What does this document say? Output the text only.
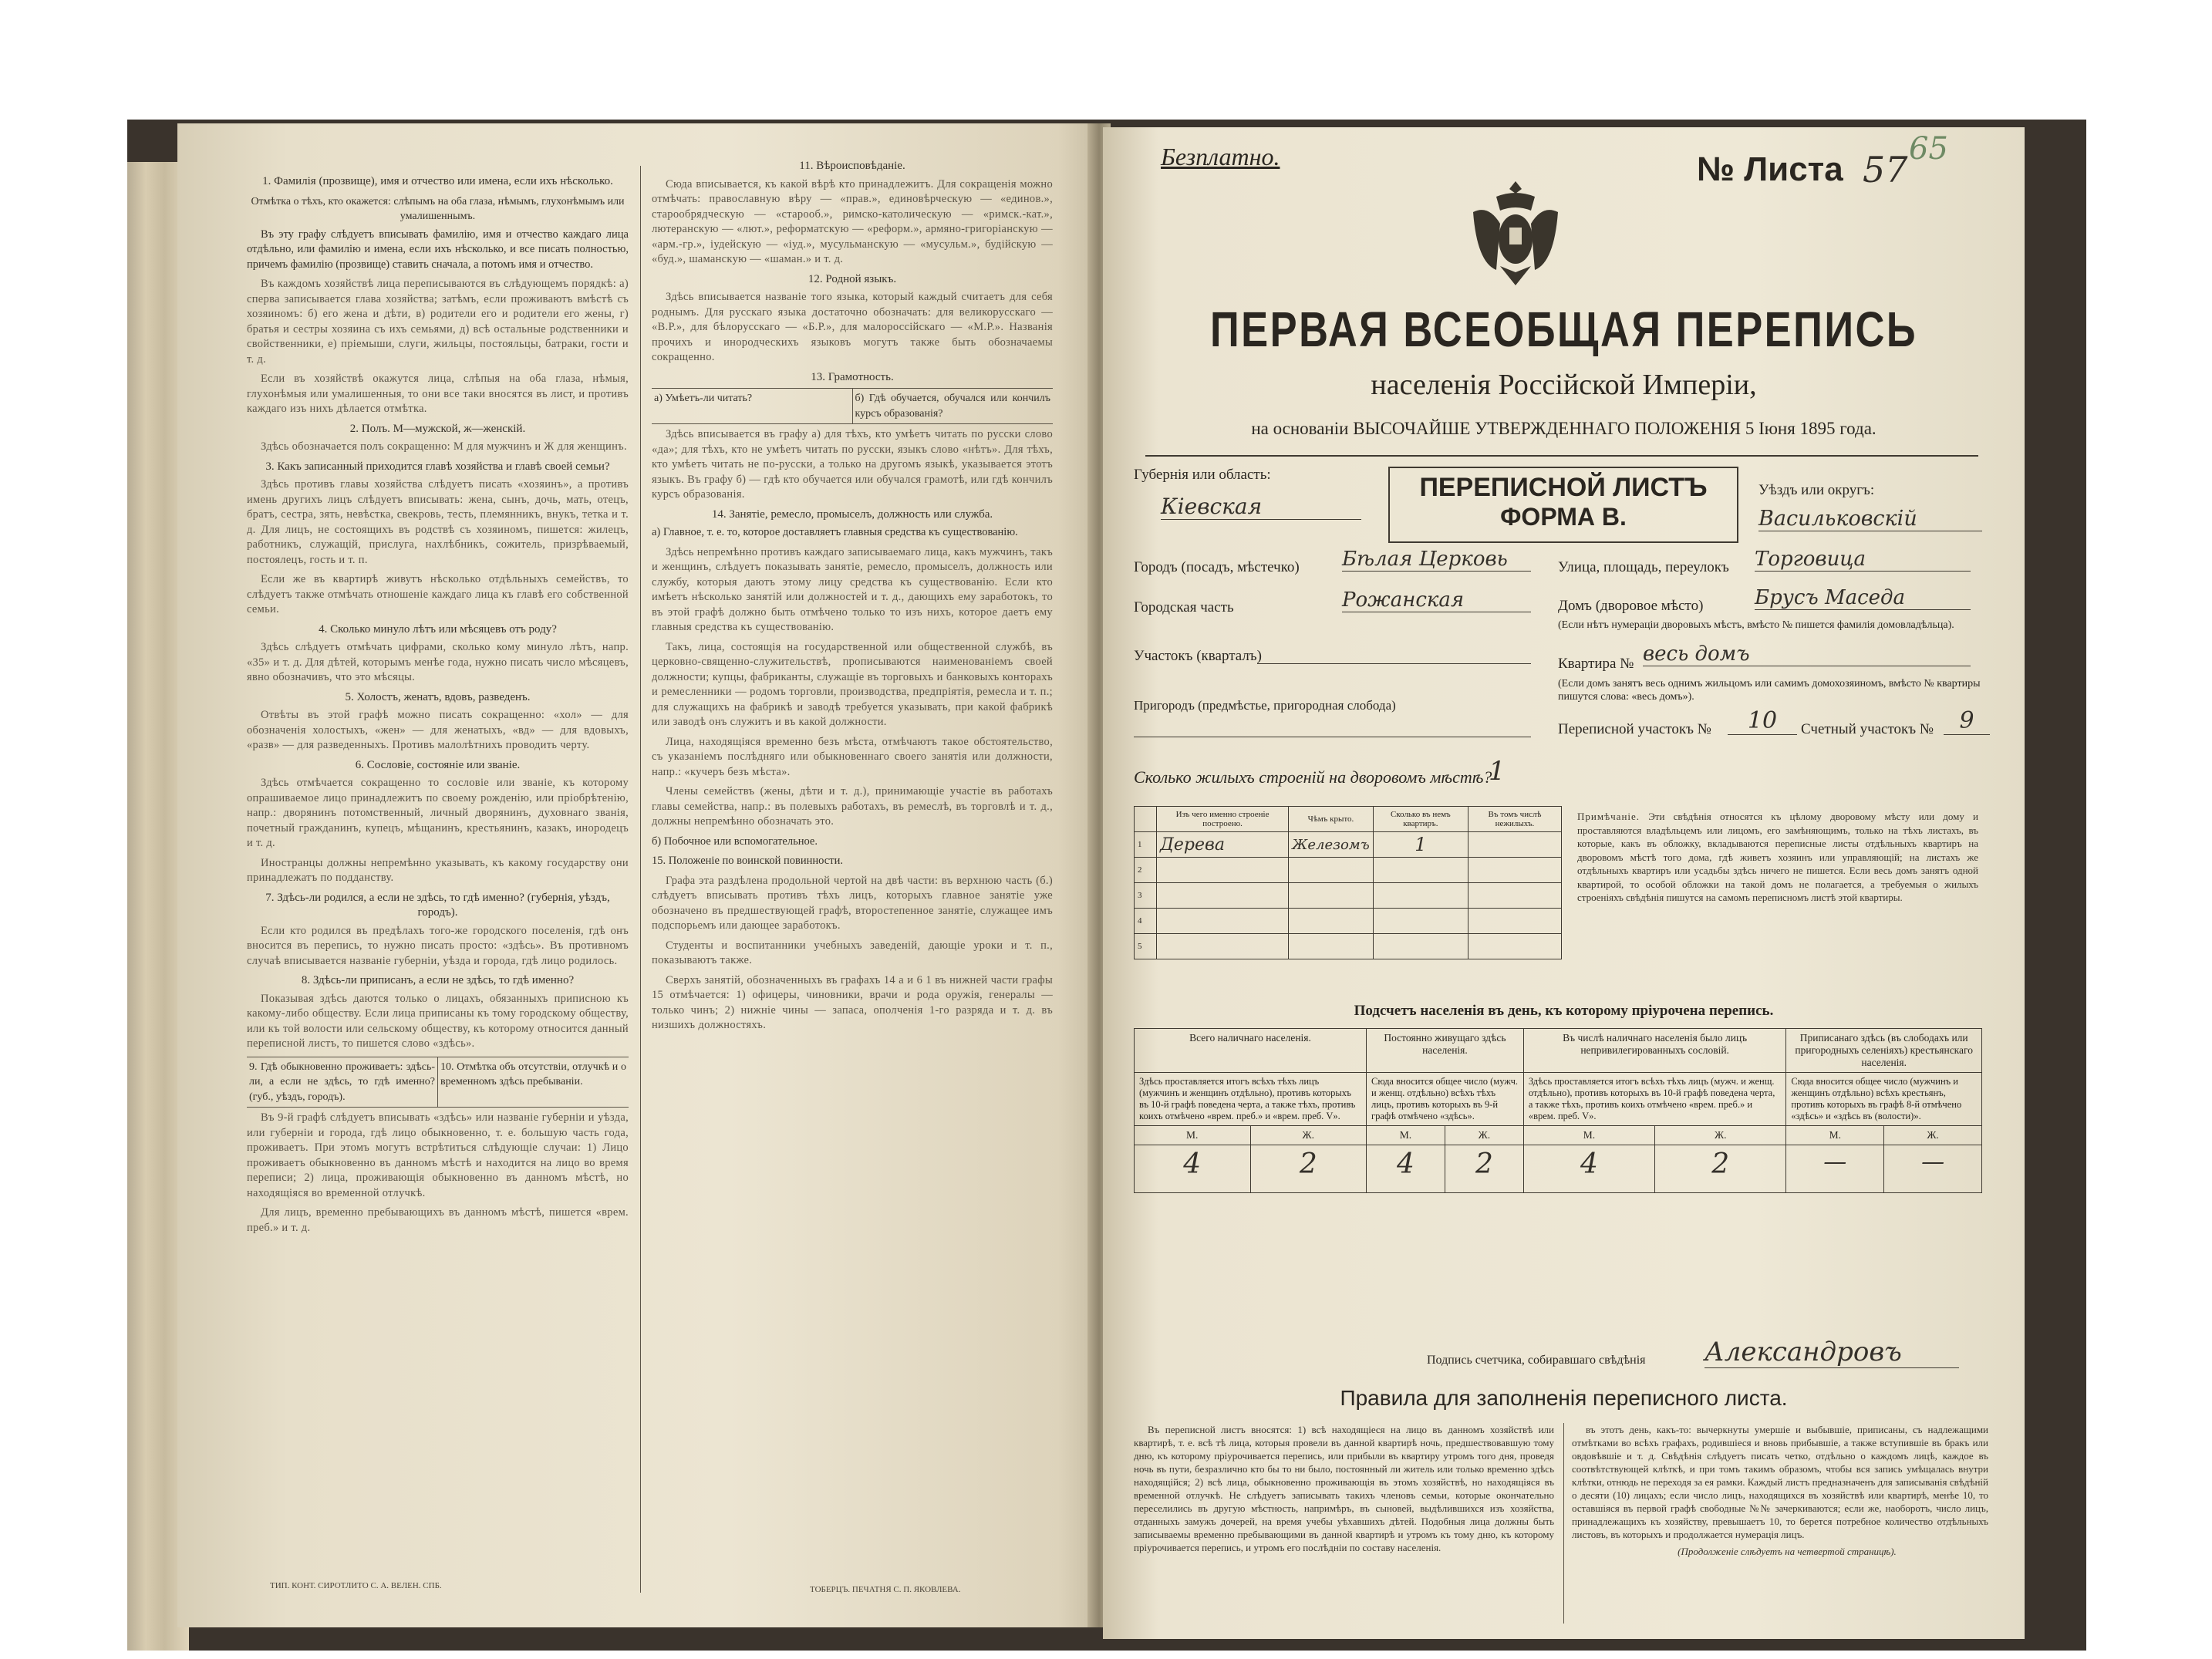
1. Фамилія (прозвище), имя и отчество или имена, если ихъ нѣсколько.
Отмѣтка о тѣхъ, кто окажется: слѣпымъ на оба глаза, нѣмымъ, глухонѣмымъ или умалишеннымъ.

Въ эту графу слѣдуетъ вписывать фамилію, имя и отчество каждаго лица отдѣльно, или фамилію и имена, если ихъ нѣсколько, и все писать полностью, причемъ фамилію (прозвище) ставить сначала, а потомъ имя и отчество.

Въ каждомъ хозяйствѣ лица переписываются въ слѣдующемъ порядкѣ: а) сперва записывается глава хозяйства; затѣмъ, если проживаютъ вмѣстѣ съ хозяиномъ: б) его жена и дѣти, в) родители его и родители его жены, г) братья и сестры хозяина съ ихъ семьями, д) всѣ остальные родственники и свойственники, е) пріемыши, слуги, жильцы, постояльцы, батраки, гости и т. д.

Если въ хозяйствѣ окажутся лица, слѣпыя на оба глаза, нѣмыя, глухонѣмыя или умалишенныя, то они все таки вносятся въ лист, и противъ каждаго изъ нихъ дѣлается отмѣтка.

2. Полъ. М—мужской, ж—женскій.

Здѣсь обозначается полъ сокращенно: М для мужчинъ и Ж для женщинъ.

3. Какъ записанный приходится главѣ хозяйства и главѣ своей семьи?

Здѣсь противъ главы хозяйства слѣдуетъ писать «хозяинъ», а противъ имень другихъ лицъ слѣдуетъ вписывать: жена, сынъ, дочь, мать, отецъ, братъ, сестра, зять, невѣстка, свекровь, тесть, племянникъ, внукъ, тетка и т. д. Для лицъ, не состоящихъ въ родствѣ съ хозяиномъ, пишется: жилецъ, работникъ, служащій, прислуга, нахлѣбникъ, сожитель, призрѣваемый, постоялецъ, гость и т. п.

Если же въ квартирѣ живутъ нѣсколько отдѣльныхъ семействъ, то слѣдуетъ также отмѣчать отношеніе каждаго лица къ главѣ его собственной семьи.

4. Сколько минуло лѣтъ или мѣсяцевъ отъ роду?

Здѣсь слѣдуетъ отмѣчать цифрами, сколько кому минуло лѣтъ, напр. «35» и т. д. Для дѣтей, которымъ менѣе года, нужно писать число мѣсяцевъ, явно обозначивъ, что это мѣсяцы.

5. Холостъ, женатъ, вдовъ, разведенъ.

Отвѣты въ этой графѣ можно писать сокращенно: «хол» — для обозначенія холостыхъ, «жен» — для женатыхъ, «вд» — для вдовыхъ, «разв» — для разведенныхъ. Противъ малолѣтнихъ проводить черту.

6. Сословіе, состояніе или званіе.

Здѣсь отмѣчается сокращенно то сословіе или званіе, къ которому опрашиваемое лицо принадлежитъ по своему рожденію, или пріобрѣтенію, напр.: дворянинъ потомственный, личный дворянинъ, духовнаго званія, почетный гражданинъ, купецъ, мѣщанинъ, крестьянинъ, казакъ, инородецъ и т. д.

Иностранцы должны непремѣнно указывать, къ какому государству они принадлежатъ по подданству.

7. Здѣсь-ли родился, а если не здѣсь, то гдѣ именно? (губернія, уѣздъ, городъ).

Если кто родился въ предѣлахъ того-же городского поселенія, гдѣ онъ вносится въ перепись, то нужно писать просто: «здѣсь». Въ противномъ случаѣ вписывается названіе губерніи, уѣзда и города, гдѣ лицо родилось.

8. Здѣсь-ли приписанъ, а если не здѣсь, то гдѣ именно?

Показывая здѣсь даются только о лицахъ, обязанныхъ приписною къ какому-либо обществу. Если лица приписаны къ тому городскому обществу, или къ той волости или сельскому обществу, къ которому относится данный переписной листъ, то пишется слово «здѣсь».

9. Гдѣ обыкновенно проживаетъ: здѣсь-ли, а если не здѣсь, то гдѣ именно? (губ., уѣздъ, городъ).
10. Отмѣтка объ отсутствіи, отлучкѣ и о временномъ здѣсь пребываніи.

Въ 9-й графѣ слѣдуетъ вписывать «здѣсь» или названіе губерніи и уѣзда, или губерніи и города, гдѣ лицо обыкновенно, т. е. большую часть года, проживаетъ. При этомъ могутъ встрѣтиться слѣдующіе случаи: 1) Лицо проживаетъ обыкновенно въ данномъ мѣстѣ и находится на лицо во время переписи; 2) лица, проживающія обыкновенно въ данномъ мѣстѣ, но находящіяся во временной отлучкѣ.

Для лицъ, временно пребывающихъ въ данномъ мѣстѣ, пишется «врем. преб.» и т. д.

ТИП. КОНТ. СИРОТЛИТО С. А. ВЕЛЕН. СПБ.
11. Вѣроисповѣданіе.

Сюда вписывается, къ какой вѣрѣ кто принадлежитъ. Для сокращенія можно отмѣчать: православную вѣру — «прав.», единовѣрческую — «единов.», старообрядческую — «старооб.», римско-католическую — «римск.-кат.», лютеранскую — «лют.», реформатскую — «реформ.», армяно-григоріанскую — «арм.-гр.», іудейскую — «іуд.», мусульманскую — «мусульм.», будійскую — «буд.», шаманскую — «шаман.» и т. д.

12. Родной языкъ.

Здѣсь вписывается названіе того языка, который каждый считаетъ для себя роднымъ. Для русскаго языка достаточно обозначать: для великорусскаго — «В.Р.», для бѣлорусскаго — «Б.Р.», для малороссійскаго — «М.Р.». Названія прочихъ и инородческихъ языковъ могутъ также быть обозначаемы сокращенно.

13. Грамотность.
а) Умѣетъ-ли читать?	б) Гдѣ обучается, обучался или кончилъ курсъ образованія?

Здѣсь вписывается въ графу а) для тѣхъ, кто умѣетъ читать по русски слово «да»; для тѣхъ, кто не умѣетъ читать по русски, языкъ слово «нѣтъ». Для тѣхъ, кто умѣетъ читать не по-русски, а только на другомъ языкѣ, указывается этотъ языкъ. Въ графу б) — гдѣ кто обучается или обучался грамотѣ, или гдѣ кончилъ курсъ образованія.

14. Занятіе, ремесло, промыселъ, должность или служба.

а) Главное, т. е. то, которое доставляетъ главныя средства къ существованію.

Здѣсь непремѣнно противъ каждаго записываемаго лица, какъ мужчинъ, такъ и женщинъ, слѣдуетъ показывать занятіе, ремесло, промыселъ, должность или службу, которыя даютъ этому лицу средства къ существованію. Если кто имѣетъ нѣсколько занятій или должностей и т. д., дающихъ ему заработокъ, то въ этой графѣ должно быть отмѣчено только то изъ нихъ, которое даетъ ему главныя средства къ существованію.

Такъ, лица, состоящія на государственной или общественной службѣ, въ церковно-священно-служительствѣ, прописываются наименованіемъ своей должности; купцы, фабриканты, служащіе въ торговыхъ и банковыхъ конторахъ и ремесленники — родомъ торговли, производства, предпріятія, ремесла и т. п.; для служащихъ на фабрикѣ и заводѣ требуется указывать, при какой фабрикѣ или заводѣ онъ служитъ и въ какой должности.

Лица, находящіяся временно безъ мѣста, отмѣчаютъ такое обстоятельство, съ указаніемъ послѣдняго или обыкновеннаго своего занятія или должности, напр.: «кучеръ безъ мѣста».

Члены семействъ (жены, дѣти и т. д.), принимающіе участіе въ работахъ главы семейства, напр.: въ полевыхъ работахъ, въ ремеслѣ, въ торговлѣ и т. д., должны непремѣнно обозначать это.

б) Побочное или вспомогательное.

15. Положеніе по воинской повинности.

Графа эта раздѣлена продольной чертой на двѣ части: въ верхнюю часть (б.) слѣдуетъ вписывать противъ тѣхъ лицъ, которыхъ главное занятіе уже обозначено въ предшествующей графѣ, второстепенное занятіе, служащее имъ подспорьемъ или дающее заработокъ.

Студенты и воспитанники учебныхъ заведеній, дающіе уроки и т. п., показываютъ также.

Сверхъ занятій, обозначенныхъ въ графахъ 14 а и 6 1 въ нижней части графы 15 отмѣчается: 1) офицеры, чиновники, врачи и рода оружія, генералы — только чинъ; 2) нижніе чины — запаса, ополченія 1-го разряда и т. д. въ низшихъ должностяхъ.

ТОБЕРЦЪ. ПЕЧАТНЯ С. П. ЯКОВЛЕВА.
Безплатно.	№ Листа 57 65
ПЕРВАЯ ВСЕОБЩАЯ ПЕРЕПИСЬ
населенія Россійской Имперіи,
на основаніи ВЫСОЧАЙШЕ УТВЕРЖДЕННАГО ПОЛОЖЕНІЯ 5 Іюня 1895 года.
Губернія или область:
Кіевская
ПЕРЕПИСНОЙ ЛИСТЪ
ФОРМА В.
Уѣздъ или округъ:
Васильковскій
Городъ (посадъ, мѣстечко) Бѣлая Церковь	Улица, площадь, переулокъ Торговица
Городская часть	Рожанская	Домъ (дворовое мѣсто)	Брусъ Маседа
(Если нѣтъ нумераціи дворовыхъ мѣстъ, вмѣсто № пишется фамилія домовладѣльца).
Участокъ (кварталъ)	Квартира № весь домъ
(Если домъ занятъ весь однимъ жильцомъ или самимъ домохозяиномъ, вмѣсто № квартиры пишутся слова: «весь домъ»).
Пригородъ (предмѣстье, пригородная слобода)
Переписной участокъ №	10	Счетный участокъ №	9
Сколько жилыхъ строеній на дворовомъ мѣстѣ?
1
	Изъ чего именно строеніе построено.	Чѣмъ крыто.	Сколько въ немъ квартиръ.	Въ томъ числѣ нежилыхъ.
1	Дерева	Железомъ	1	
2				
3				
4				
5				
Примѣчаніе. Эти свѣдѣнія относятся къ цѣлому дворовому мѣсту или дому и проставляются владѣльцемъ или лицомъ, его замѣняющимъ, только на тѣхъ листахъ, въ которые, какъ въ обложку, вкладываются переписные листы отдѣльныхъ квартиръ на дворовомъ мѣстѣ того дома, гдѣ живетъ хозяинъ или управляющій; на листахъ же отдѣльныхъ квартиръ или усадьбы здѣсь ничего не пишется. Если весь домъ занятъ одной квартирой, то особой обложки на такой домъ не полагается, а требуемыя о жилыхъ строеніяхъ свѣдѣнія пишутся на самомъ переписномъ листѣ этой квартиры.
Подсчетъ населенія въ день, къ которому пріурочена перепись.
Всего наличнаго населенія.		Постоянно живущаго здѣсь населенія.		Въ числѣ наличнаго населенія было лицъ непривилегированныхъ сословій.		Приписанаго здѣсь (въ слободахъ или пригородныхъ селеніяхъ) крестьянскаго населенія.	
Здѣсь проставляется итогъ всѣхъ тѣхъ лицъ (мужчинъ и женщинъ отдѣльно), противъ которыхъ въ 10-й графѣ поведена черта, а также тѣхъ, противъ коихъ отмѣчено «врем. преб.» и «врем. преб. V».		Сюда вносится общее число (мужч. и женщ. отдѣльно) всѣхъ тѣхъ лицъ, противъ которыхъ въ 9-й графѣ отмѣчено «здѣсь».		Здѣсь проставляется итогъ всѣхъ тѣхъ лицъ (мужч. и женщ. отдѣльно), противъ которыхъ въ 10-й графѣ поведена черта, а также тѣхъ, противъ коихъ отмѣчено «врем. преб.» и «врем. преб. V».		Сюда вносится общее число (мужчинъ и женщинъ отдѣльно) всѣхъ крестьянъ, противъ которыхъ въ графѣ 8-й отмѣчено «здѣсь» и «здѣсь въ (волости)».	
М.	Ж.	М.	Ж.	М.	Ж.	М.	Ж.
4	2	4	2	4	2	—	—
Подпись счетчика, собиравшаго свѣдѣнія Александровъ
Правила для заполненія переписного листа.

Въ переписной листъ вносятся: 1) всѣ находящіеся на лицо въ данномъ хозяйствѣ или квартирѣ, т. е. всѣ тѣ лица, которыя провели въ данной квартирѣ ночь, предшествовавшую тому дню, къ которому пріурочивается перепись, или прибыли въ квартиру утромъ того дня, проведя ночь въ пути, безразлично кто бы то ни было, постоянный ли житель или только временно здѣсь находящійся; 2) всѣ лица, обыкновенно проживающія въ этомъ хозяйствѣ, но находящіяся въ временной отлучкѣ. Не слѣдуетъ записывать такихъ членовъ семьи, которые окончательно переселились въ другую мѣстность, напримѣръ, въ сыновей, выдѣлившихся изъ хозяйства, отданныхъ замужъ дочерей, на время учебы уѣхавшихъ дѣтей. Подобныя лица должны быть записываемы временно пребывающими въ данной квартирѣ и утромъ къ тому дню, къ которому пріурочивается перепись, и утромъ его послѣдніи по составу населенія.

въ этотъ день, какъ-то: вычеркнуты умершіе и выбывшіе, приписаны, съ надлежащими отмѣтками во всѣхъ графахъ, родившіеся и вновь прибывшіе, а также вступившіе въ бракъ или овдовѣвшіе и т. д. Свѣдѣнія слѣдуетъ писать четко, отдѣльно о каждомъ лицѣ, каждое въ соотвѣтствующей клѣткѣ, и при томъ такимъ образомъ, чтобы вся запись умѣщалась внутри клѣтки, отнюдь не переходя за ея рамки. Каждый листъ предназначенъ для записыванія свѣдѣній о десяти (10) лицахъ; если число лицъ, находящихся въ хозяйствѣ или квартирѣ, менѣе 10, то оставшіяся въ первой графѣ свободные №№ зачеркиваются; если же, наоборотъ, число лицъ, принадлежащихъ къ хозяйству, превышаетъ 10, то берется потребное количество отдѣльныхъ листовъ, въ которыхъ и продолжается нумерація лицъ.

(Продолженіе слѣдуетъ на четвертой страницѣ).
